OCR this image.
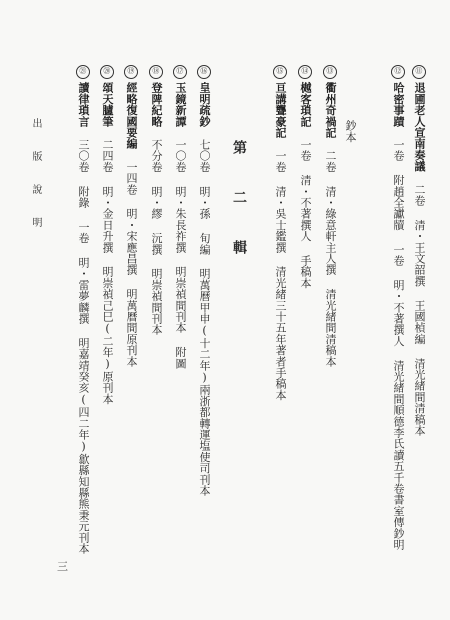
⑪退圃老人宣南奏議二卷 清・王文韶撰 王國楨編 清光緒間清稿本
⑫哈密事蹟一卷 附趙全讞牘 一卷 明・不著撰人 清光緒間順德李氏讀五千卷書室傳鈔明
鈔本
⑬衢州奇禍記二卷 清・綠意軒主人撰 清光緒間清稿本
⑭樾客瑣記一卷 清・不著撰人 手稿本
⑮亘講聾豪記一卷 清・吳士鑑撰 清光緒三十五年著者手稿本
第 二 輯
⑯皇明疏鈔七〇卷 明・孫 旬編 明萬曆甲申(十二年)兩浙都轉運塩使司刊本
⑰玉鏡新譚一〇卷 明・朱長祚撰 明崇禎間刊本 附圖
⑱登陴紀略不分卷 明・繆 沅撰 明崇禎間刊本
⑲經略復國要編一四卷 明・宋應昌撰 明萬曆間原刊本
⑳頌天臚筆二四卷 明・金日升撰 明崇禎己巳(二年)原刊本
㉑讀律瑣言三〇卷 附錄 一卷 明・雷夢麟撰 明嘉靖癸亥(四二年)歙縣知縣熊秉元刊本
出 版 說 明
三
